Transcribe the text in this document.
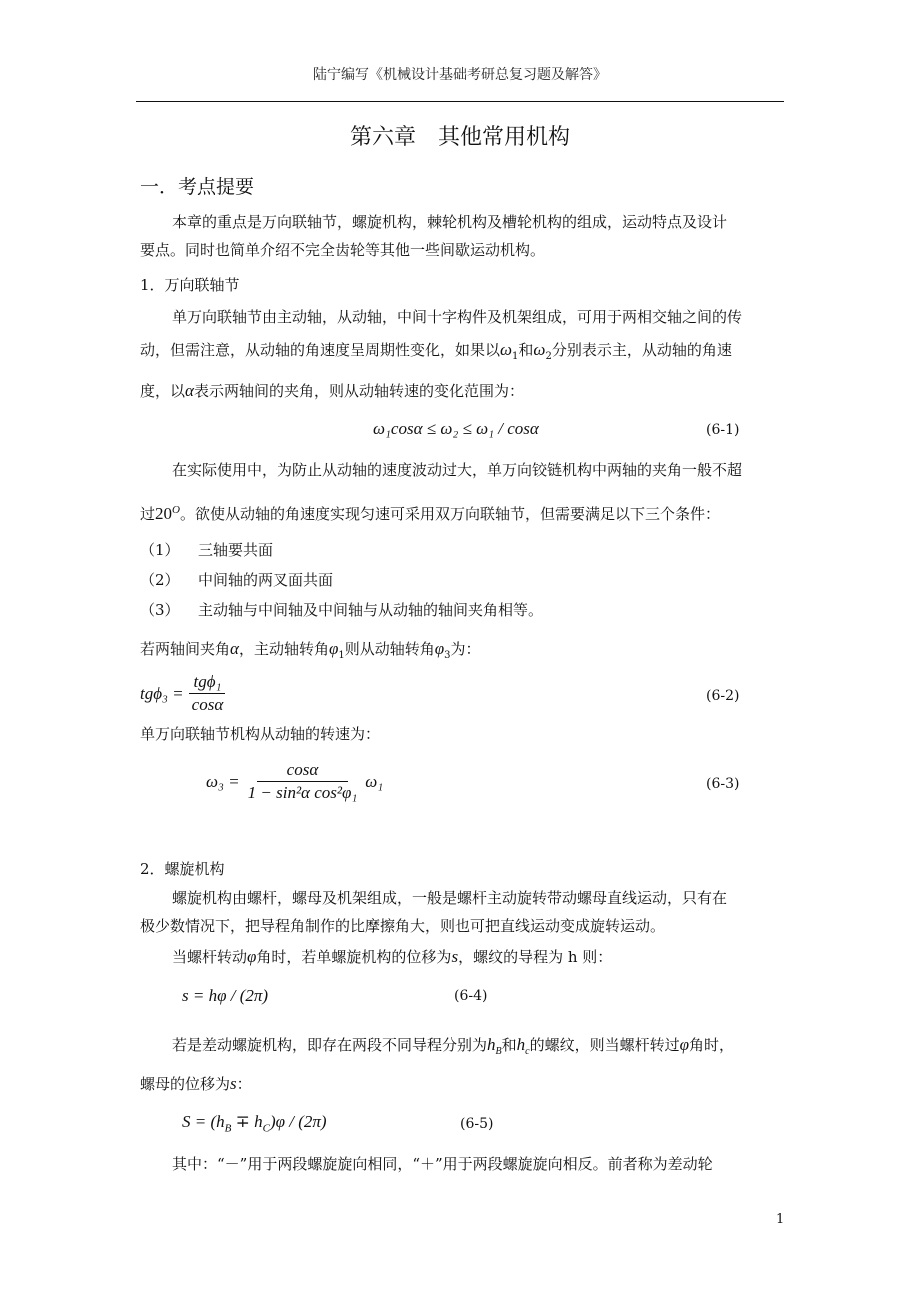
陆宁编写《机械设计基础考研总复习题及解答》
第六章　其他常用机构
一．考点提要
本章的重点是万向联轴节，螺旋机构，棘轮机构及槽轮机构的组成，运动特点及设计
要点。同时也简单介绍不完全齿轮等其他一些间歇运动机构。
1．万向联轴节
单万向联轴节由主动轴，从动轴，中间十字构件及机架组成，可用于两相交轴之间的传
动，但需注意，从动轴的角速度呈周期性变化，如果以$\omega_1$和$\omega_2$分别表示主，从动轴的角速
度，以α表示两轴间的夹角，则从动轴转速的变化范围为：
ω₁cosα ≤ ω₂ ≤ ω₁ / cosα	(6-1)
在实际使用中，为防止从动轴的速度波动过大，单万向铰链机构中两轴的夹角一般不超
过$20^O$。欲使从动轴的角速度实现匀速可采用双万向联轴节，但需要满足以下三个条件：
（1） 三轴要共面
（2） 中间轴的两叉面共面
（3） 主动轴与中间轴及中间轴与从动轴的轴间夹角相等。
若两轴间夹角α，主动轴转角$\varphi_1$则从动轴转角$\varphi_3$为：
$tg\phi_3 = \frac{\text{tgϕ₁}}{\cos\alpha}$	(6-2)
单万向联轴节机构从动轴的转速为：
$\omega_3 = \frac{\cos\alpha}{\text{1 − sin²α cos²φ₁}} \omega_1$	(6-3)
2．螺旋机构
螺旋机构由螺杆，螺母及机架组成，一般是螺杆主动旋转带动螺母直线运动，只有在
极少数情况下，把导程角制作的比摩擦角大，则也可把直线运动变成旋转运动。
当螺杆转动φ角时，若单螺旋机构的位移为s，螺纹的导程为 h 则：
s = hφ / (2π)	(6-4)
若是差动螺旋机构，即存在两段不同导程分别为$h_B$和$h_c$的螺纹，则当螺杆转过φ角时，
螺母的位移为s：
$S = (h_B \mp h_C)\varphi / (2\pi)$	(6-5)
其中：“－”用于两段螺旋旋向相同，“＋”用于两段螺旋旋向相反。前者称为差动轮
1
